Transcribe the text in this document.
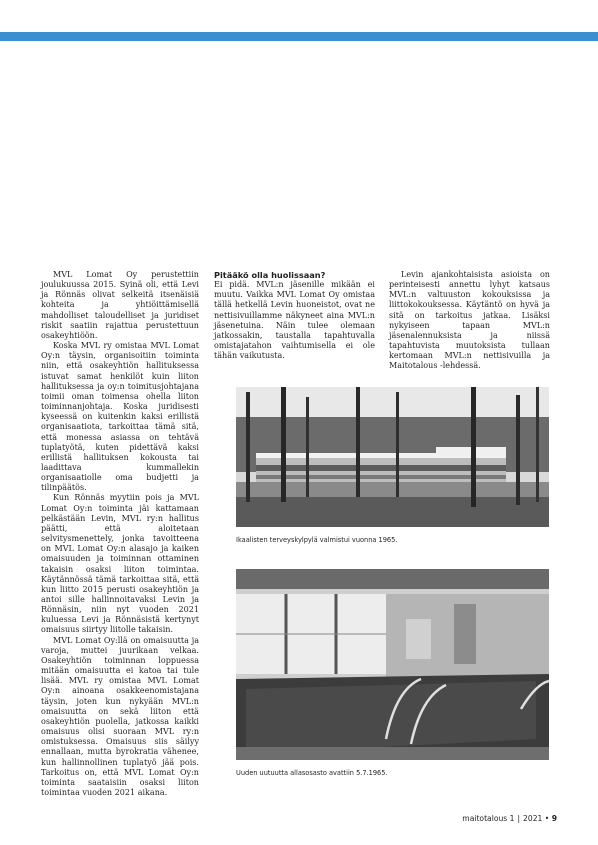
MVL Lomat Oy perustettiin joulukuussa 2015. Syinä oli, että Levi ja Rönnäs olivat selkeitä itsenäisiä kohteita ja yhtiöittämisellä mahdolliset taloudelliset ja juridiset riskit saatiin rajattua perustettuun osakeyhtiöön.

Koska MVL ry omistaa MVL Lomat Oy:n täysin, organisoitiin toiminta niin, että osakeyhtiön hallituksessa istuvat samat henkilöt kuin liiton hallituksessa ja oy:n toimitusjohtajana toimii oman toimensa ohella liiton toiminnanjohtaja. Koska juridisesti kyseessä on kuitenkin kaksi erillistä organisaatiota, tarkoittaa tämä sitä, että monessa asiassa on tehtävä tuplatyötä, kuten pidettävä kaksi erillistä hallituksen kokousta tai laadittava kummallekin organisaatiolle oma budjetti ja tilinpäätös.

Kun Rönnäs myytiin pois ja MVL Lomat Oy:n toiminta jäi kattamaan pelkästään Levin, MVL ry:n hallitus päätti, että aloitetaan selvitysmenettely, jonka tavoitteena on MVL Lomat Oy:n alasajo ja kaiken omaisuuden ja toiminnan ottaminen takaisin osaksi liiton toimintaa. Käytännössä tämä tarkoittaa sitä, että kun liitto 2015 perusti osakeyhtiön ja antoi sille hallinnoitavaksi Levin ja Rönnäsin, niin nyt vuoden 2021 kuluessa Levi ja Rönnäsistä kertynyt omaisuus siirtyy liitolle takaisin.

MVL Lomat Oy:llä on omaisuutta ja varoja, muttei juurikaan velkaa. Osakeyhtiön toiminnan loppuessa mitään omaisuutta ei katoa tai tule lisää. MVL ry omistaa MVL Lomat Oy:n ainoana osakkeenomistajana täysin, joten kun nykyään MVL:n omaisuutta on sekä liiton että osakeyhtiön puolella, jatkossa kaikki omaisuus olisi suoraan MVL ry:n omistuksessa. Omaisuus siis säilyy ennallaan, mutta byrokratia vähenee, kun hallinnollinen tuplatyö jää pois. Tarkoitus on, että MVL Lomat Oy:n toiminta saataisiin osaksi liiton toimintaa vuoden 2021 aikana.

Pitääkö olla huolissaan?

Ei pidä. MVL:n jäsenille mikään ei muutu. Vaikka MVL Lomat Oy omistaa tällä hetkellä Levin huoneistot, ovat ne nettisivuillamme näkyneet aina MVL:n jäsenetuina. Näin tulee olemaan jatkossakin, taustalla tapahtuvalla omistajatahon vaihtumisella ei ole tähän vaikutusta.

Levin ajankohtaisista asioista on perinteisesti annettu lyhyt katsaus MVL:n valtuuston kokouksissa ja liittokokouksessa. Käytäntö on hyvä ja sitä on tarkoitus jatkaa. Lisäksi nykyiseen tapaan MVL:n jäsenalennuksista ja niissä tapahtuvista muutoksista tullaan kertomaan MVL:n nettisivuilla ja Maitotalous -lehdessä.

Ikaalisten terveyskylpylä valmistui vuonna 1965.
Uuden uutuutta allasosasto avattiin 5.7.1965.
maitotalous 1 | 2021 • 9
